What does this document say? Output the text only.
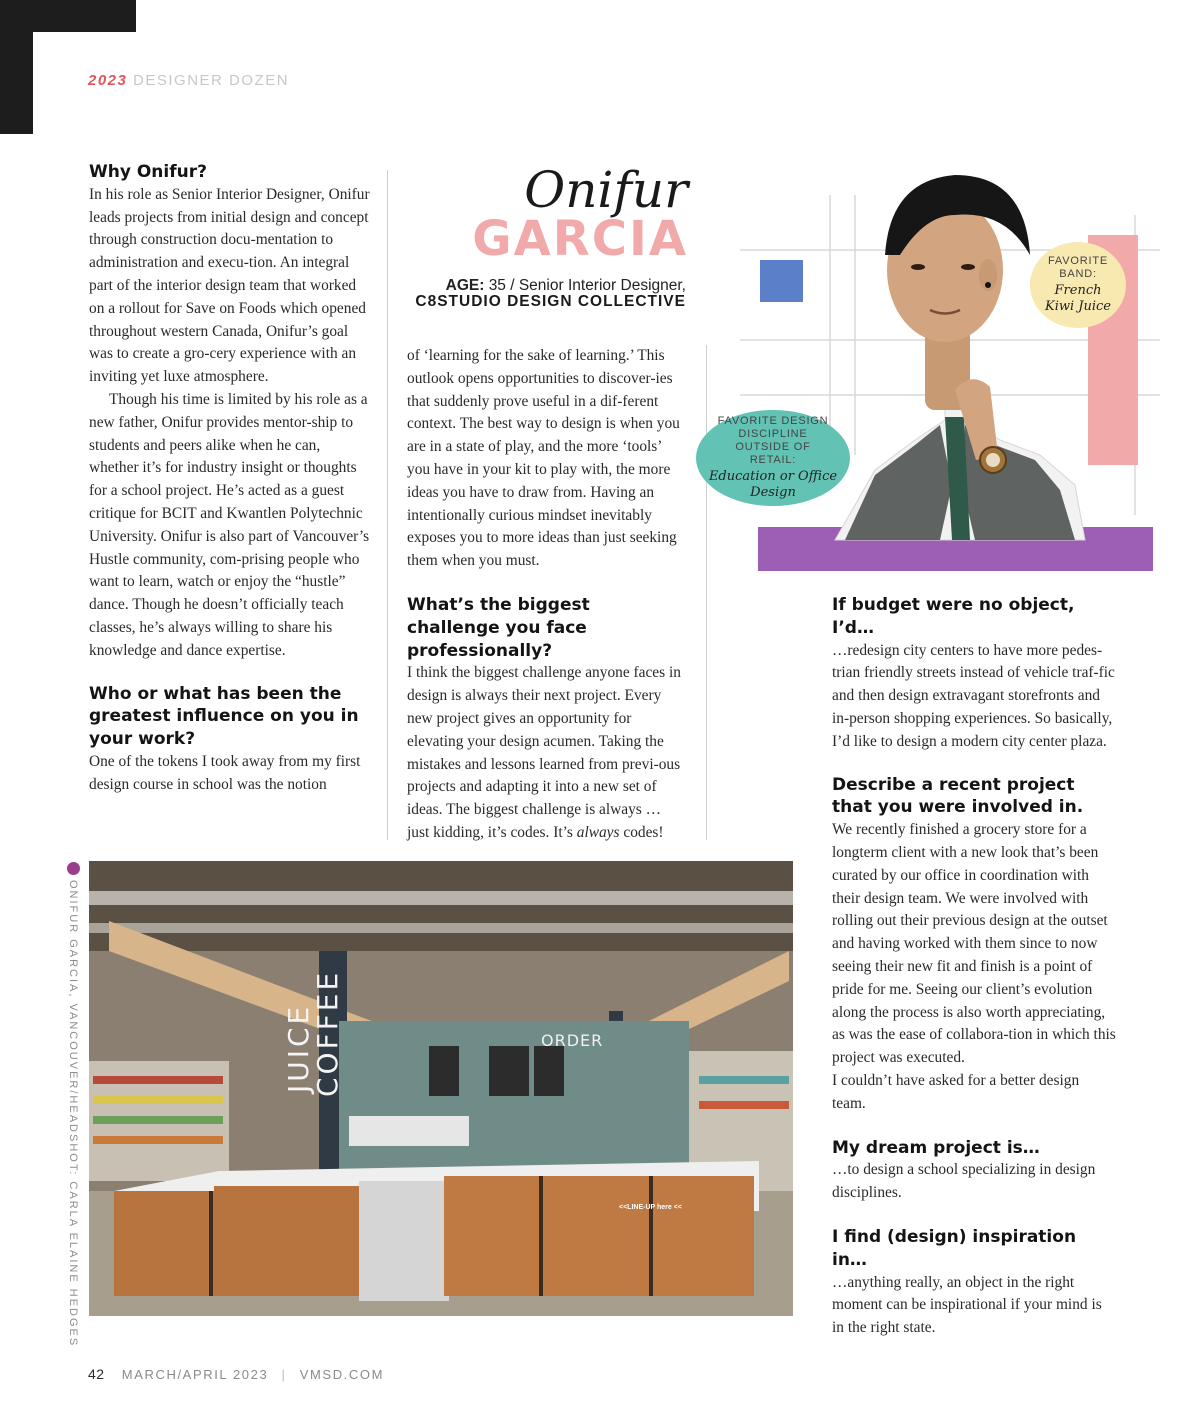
2023 DESIGNER DOZEN
Why Onifur?

In his role as Senior Interior Designer, Onifur leads projects from initial design and concept through construction docu-mentation to administration and execu-tion. An integral part of the interior design team that worked on a rollout for Save on Foods which opened throughout western Canada, Onifur’s goal was to create a gro-cery experience with an inviting yet luxe atmosphere.

Though his time is limited by his role as a new father, Onifur provides mentor-ship to students and peers alike when he can, whether it’s for industry insight or thoughts for a school project. He’s acted as a guest critique for BCIT and Kwantlen Polytechnic University. Onifur is also part of Vancouver’s Hustle community, com-prising people who want to learn, watch or enjoy the “hustle” dance. Though he doesn’t officially teach classes, he’s always willing to share his knowledge and dance expertise.

Who or what has been the greatest influence on you in your work?

One of the tokens I took away from my first design course in school was the notion

Onifur
GARCIA
AGE: 35 / Senior Interior Designer,
C8STUDIO DESIGN COLLECTIVE

of ‘learning for the sake of learning.’ This outlook opens opportunities to discover-ies that suddenly prove useful in a dif-ferent context. The best way to design is when you are in a state of play, and the more ‘tools’ you have in your kit to play with, the more ideas you have to draw from. Having an intentionally curious mindset inevitably exposes you to more ideas than just seeking them when you must.

What’s the biggest challenge you face professionally?

I think the biggest challenge anyone faces in design is always their next project. Every new project gives an opportunity for elevating your design acumen. Taking the mistakes and lessons learned from previ-ous projects and adapting it into a new set of ideas. The biggest challenge is always … just kidding, it’s codes. It’s always codes!

FAVORITE DESIGN DISCIPLINE OUTSIDE OF RETAIL:
Education or Office Design
FAVORITE BAND:
French Kiwi Juice
If budget were no object, I’d…

…redesign city centers to have more pedes-trian friendly streets instead of vehicle traf-fic and then design extravagant storefronts and in-person shopping experiences. So basically, I’d like to design a modern city center plaza.

Describe a recent project that you were involved in.

We recently finished a grocery store for a longterm client with a new look that’s been curated by our office in coordination with their design team. We were involved with rolling out their previous design at the outset and having worked with them since to now seeing their new fit and finish is a point of pride for me. Seeing our client’s evolution along the process is also worth appreciating, as was the ease of collabora-tion in which this project was executed.

I couldn’t have asked for a better design team.

My dream project is…

…to design a school specializing in design disciplines.

I find (design) inspiration in…

…anything really, an object in the right moment can be inspirational if your mind is in the right state.

JUICE
COFFEE	ORDER
<<LINE-UP here <<
ONIFUR GARCIA, VANCOUVER/HEADSHOT: CARLA ELAINE HEDGES
42 MARCH/APRIL 2023 | VMSD.COM
